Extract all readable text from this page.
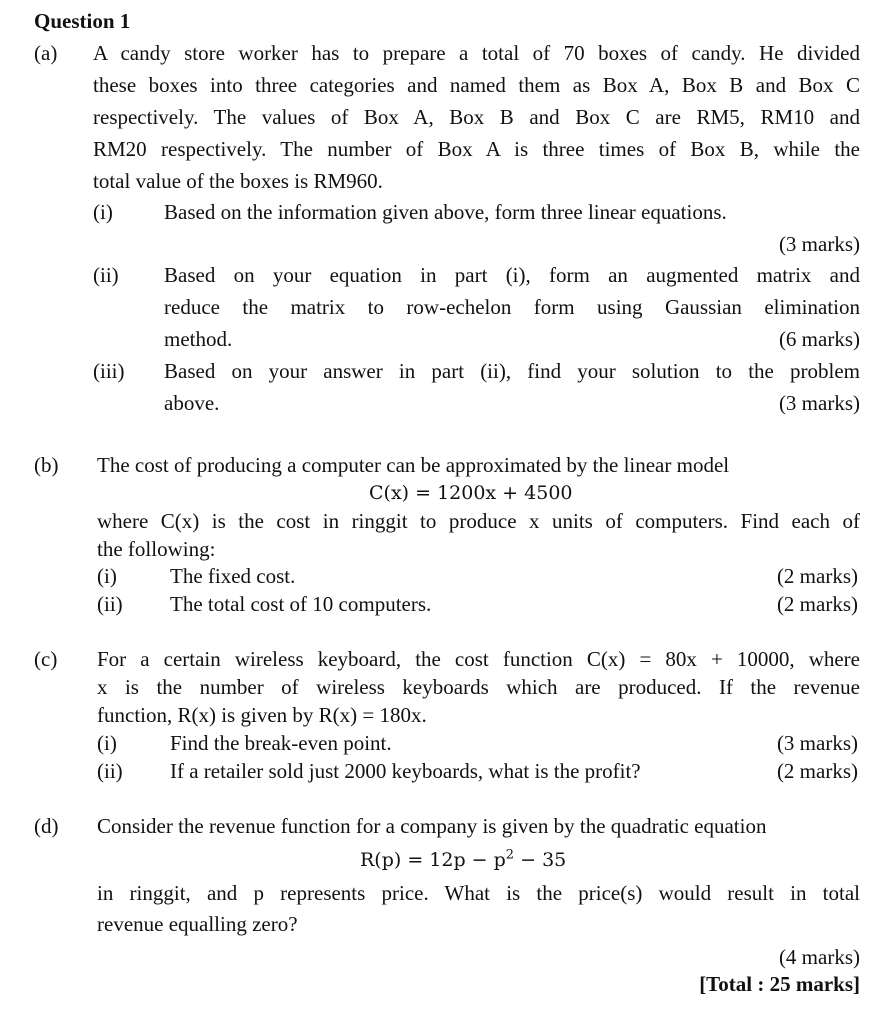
Question 1
(a) A candy store worker has to prepare a total of 70 boxes of candy. He divided
these boxes into three categories and named them as Box A, Box B and Box C
respectively. The values of Box A, Box B and Box C are RM5, RM10 and
RM20 respectively. The number of Box A is three times of Box B, while the
total value of the boxes is RM960.
(i) Based on the information given above, form three linear equations.
(3 marks)
(ii) Based on your equation in part (i), form an augmented matrix and
reduce the matrix to row-echelon form using Gaussian elimination
method.	(6 marks)
(iii) Based on your answer in part (ii), find your solution to the problem
above.	(3 marks)
(b) The cost of producing a computer can be approximated by the linear model
C(x) = 1200x + 4500
where C(x) is the cost in ringgit to produce x units of computers. Find each of
the following:
(i)	The fixed cost.	(2 marks)
(ii) The total cost of 10 computers.	(2 marks)
(c) For a certain wireless keyboard, the cost function C(x) = 80x + 10000, where
x is the number of wireless keyboards which are produced. If the revenue
function, R(x) is given by R(x) = 180x.
(i)	Find the break-even point.	(3 marks)
(ii) If a retailer sold just 2000 keyboards, what is the profit?	(2 marks)
(d) Consider the revenue function for a company is given by the quadratic equation
$R(p) = 12p - p^2 - 35$
in ringgit, and p represents price. What is the price(s) would result in total
revenue equalling zero?
(4 marks)
[Total : 25 marks]
